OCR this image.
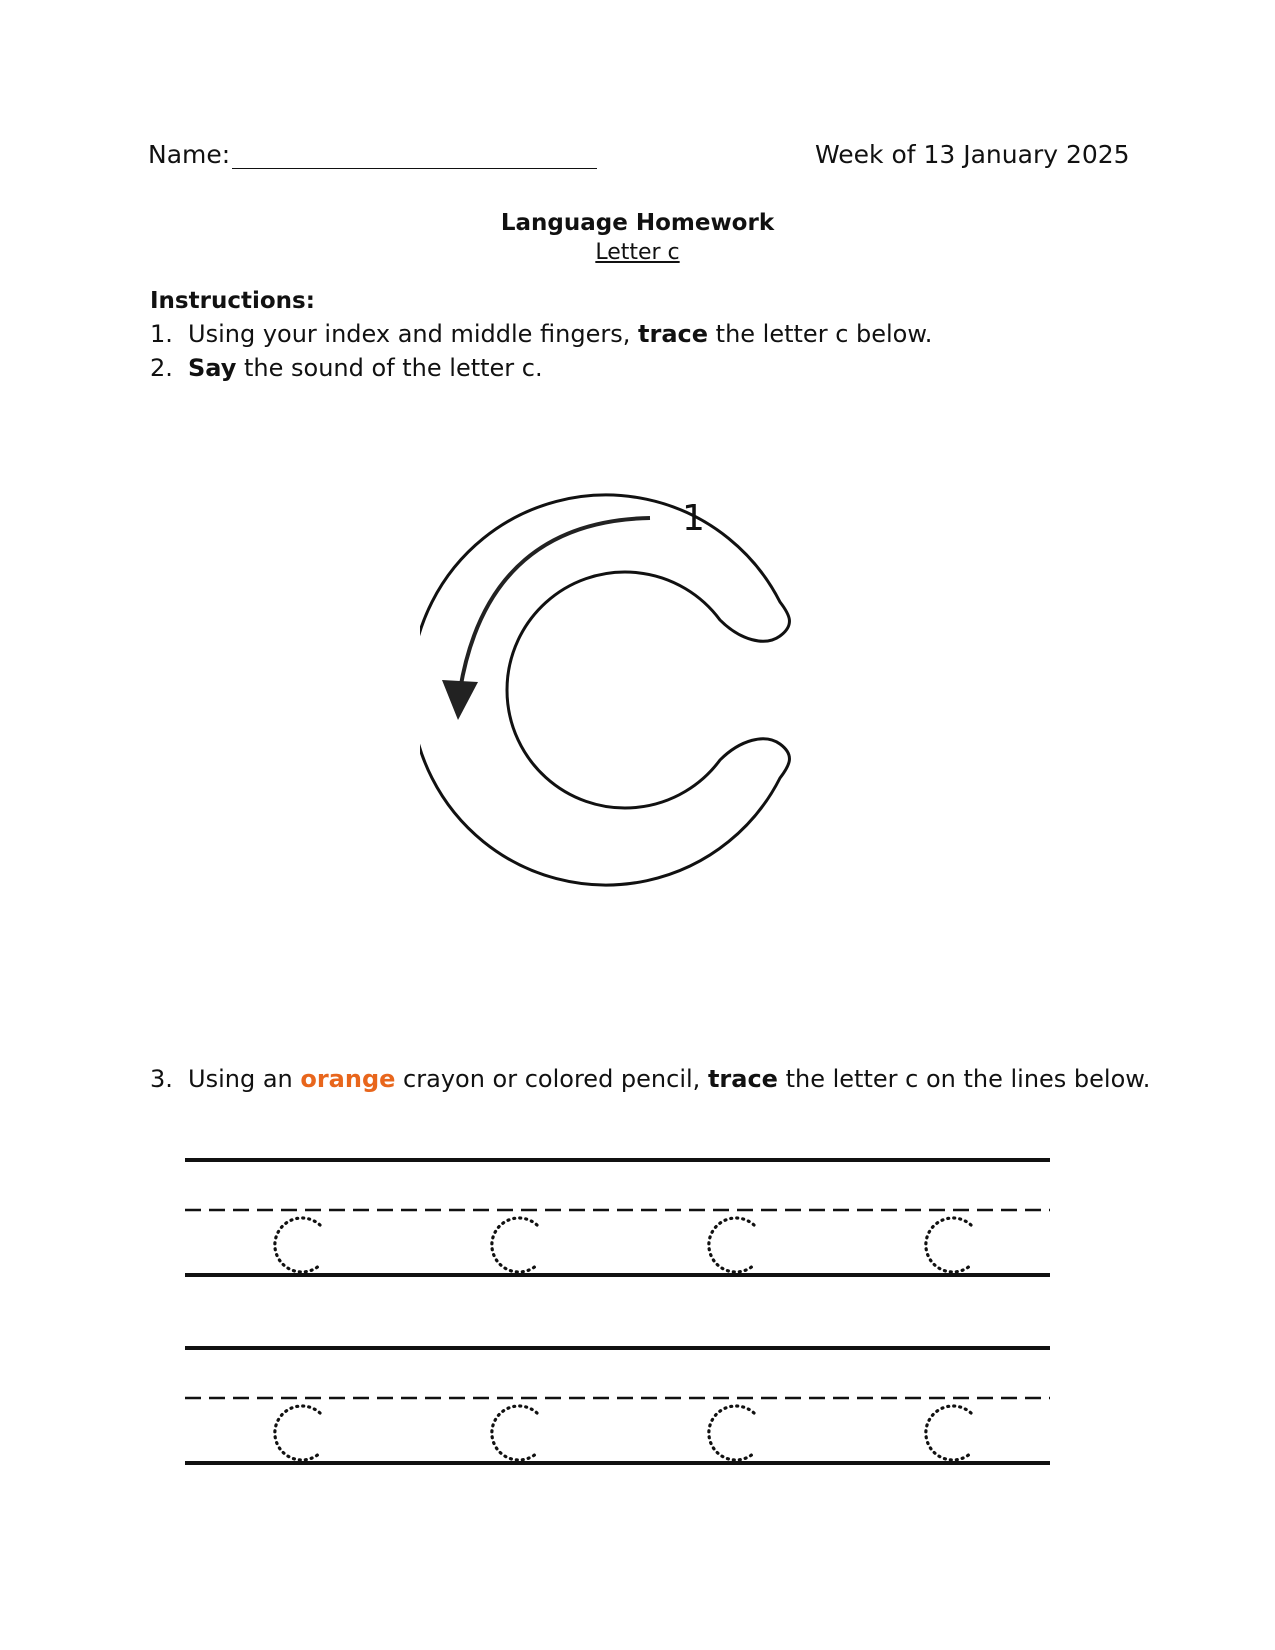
Name:	Week of 13 January 2025
Language Homework
Letter c
Instructions:
1. Using your index and middle fingers, trace the letter c below.
2. Say the sound of the letter c.
1
3. Using an orange crayon or colored pencil, trace the letter c on the lines below.
